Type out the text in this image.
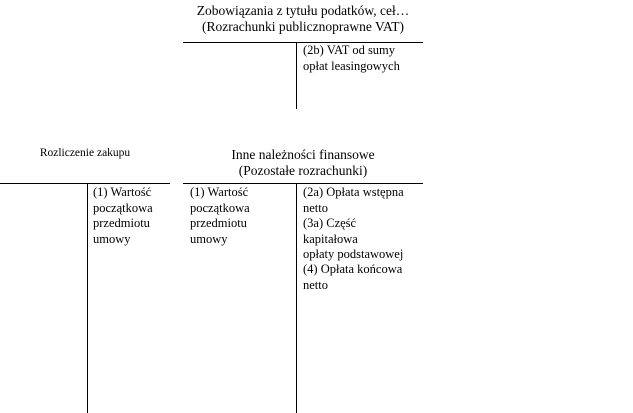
Zobowiązania z tytułu podatków, ceł…
(Rozrachunki publicznoprawne VAT)
(2b) VAT od sumy
opłat leasingowych
Rozliczenie zakupu
(1) Wartość
początkowa
przedmiotu
umowy
Inne należności finansowe
(Pozostałe rozrachunki)
(1) Wartość
początkowa
przedmiotu
umowy
(2a) Opłata wstępna
netto
(3a) Część
kapitałowa
opłaty podstawowej
(4) Opłata końcowa
netto
